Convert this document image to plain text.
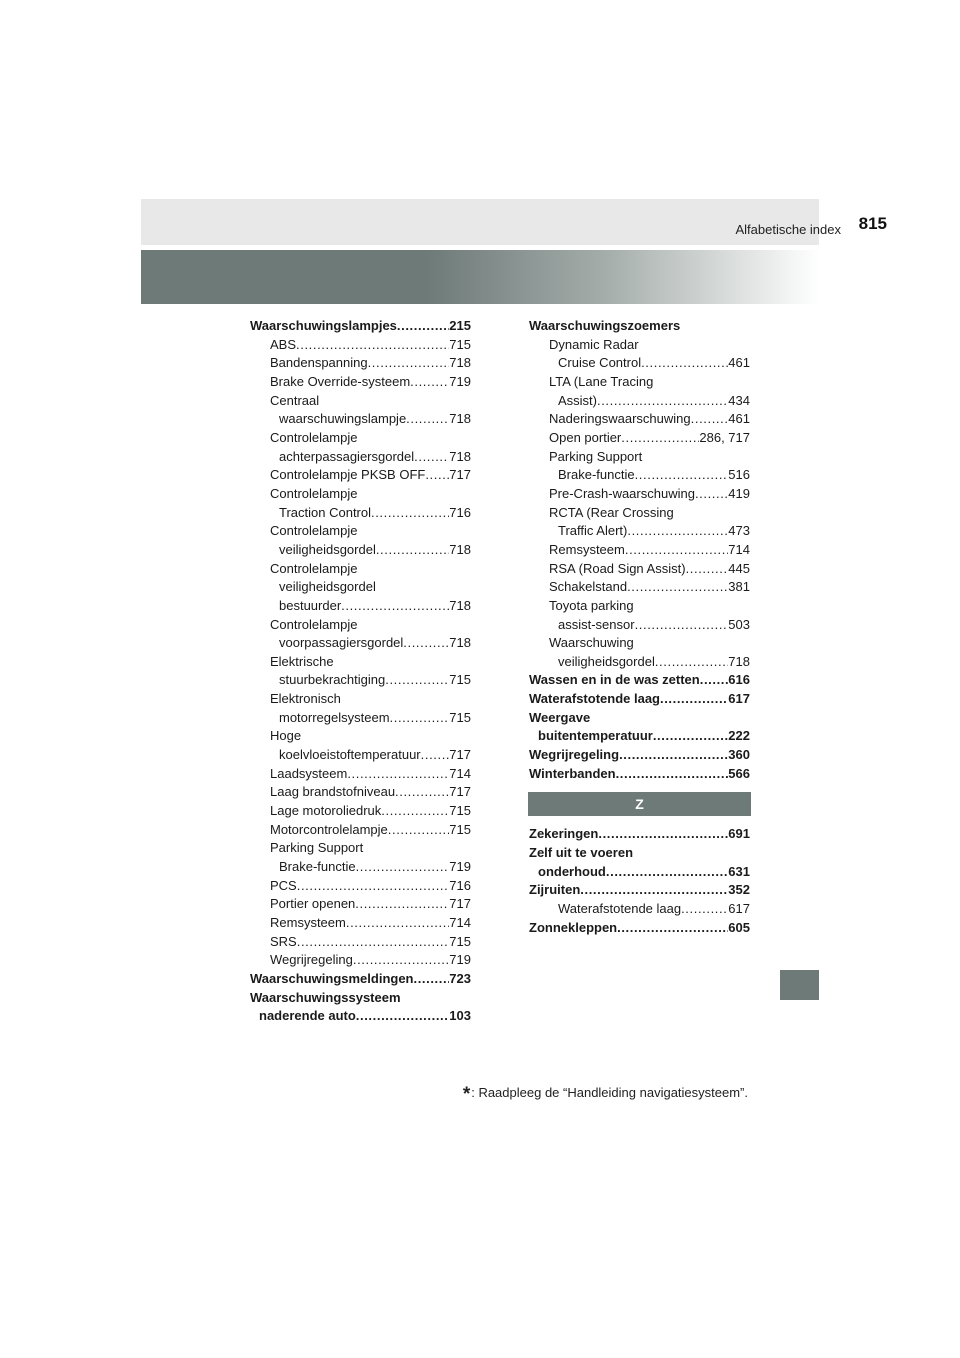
Alfabetische index 815
Waarschuwingslampjes .....	215
ABS .....	715
Bandenspanning .....	718
Brake Override-systeem .....	719
Centraal
waarschuwingslampje .....	718
Controlelampje
achterpassagiersgordel .....	718
Controlelampje PKSB OFF ..... 717
Controlelampje
Traction Control .....	716
Controlelampje
veiligheidsgordel .....	718
Controlelampje
veiligheidsgordel
bestuurder .....	718
Controlelampje
voorpassagiersgordel .....	718
Elektrische
stuurbekrachtiging .....	715
Elektronisch
motorregelsysteem .....	715
Hoge
koelvloeistoftemperatuur ..... 717
Laadsysteem .....	714
Laag brandstofniveau .....	717
Lage motoroliedruk .....	715
Motorcontrolelampje .....	715
Parking Support
Brake-functie .....	719
PCS .....	716
Portier openen .....	717
Remsysteem .....	714
SRS .....	715
Wegrijregeling .....	719
Waarschuwingsmeldingen .....	723
Waarschuwingssysteem
naderende auto .....	103
Waarschuwingszoemers
Dynamic Radar
Cruise Control .....	461
LTA (Lane Tracing
Assist) .....	434
Naderingswaarschuwing .....	461
Open portier .....	286, 717
Parking Support
Brake-functie .....	516
Pre-Crash-waarschuwing .....	419
RCTA (Rear Crossing
Traffic Alert) .....	473
Remsysteem .....	714
RSA (Road Sign Assist) .....	445
Schakelstand .....	381
Toyota parking
assist-sensor .....	503
Waarschuwing
veiligheidsgordel .....	718
Wassen en in de was zetten ..... 616
Waterafstotende laag .....	617
Weergave
buitentemperatuur .....	222
Wegrijregeling .....	360
Winterbanden .....	566
Z
Zekeringen .....	691
Zelf uit te voeren
onderhoud .....	631
Zijruiten .....	352
Waterafstotende laag .....	617
Zonnekleppen .....	605
*: Raadpleeg de “Handleiding navigatiesysteem”.
